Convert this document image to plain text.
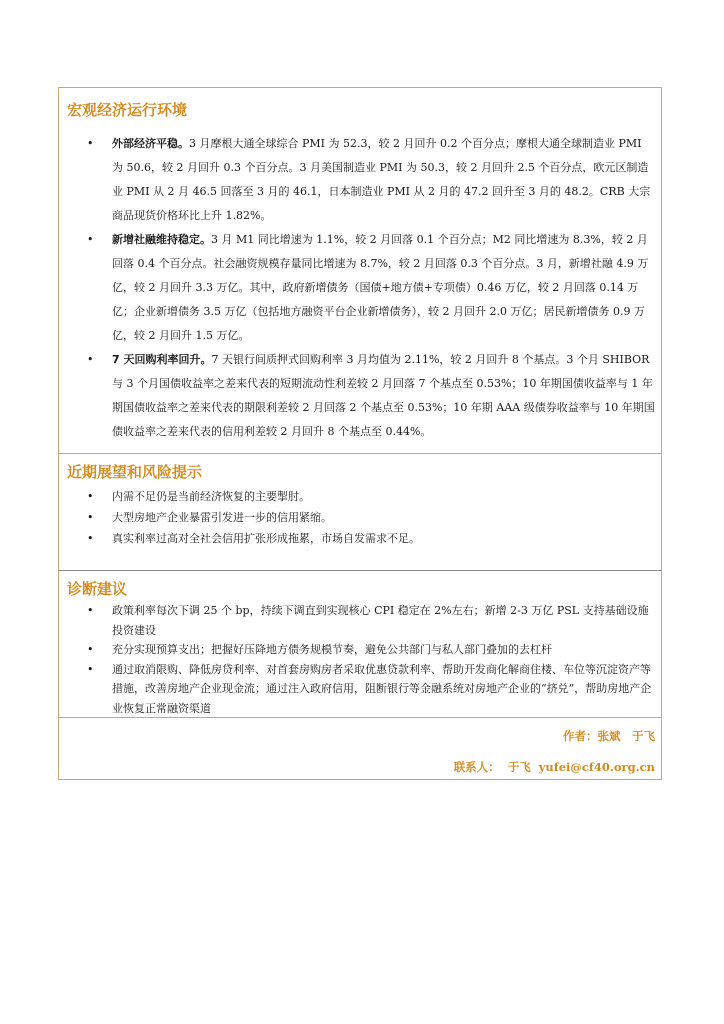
宏观经济运行环境
• 外部经济平稳。3 月摩根大通全球综合 PMI 为 52.3，较 2 月回升 0.2 个百分点；摩根大通全球制造业 PMI 为 50.6，较 2 月回升 0.3 个百分点。3 月美国制造业 PMI 为 50.3，较 2 月回升 2.5 个百分点，欧元区制造业 PMI 从 2 月 46.5 回落至 3 月的 46.1，日本制造业 PMI 从 2 月的 47.2 回升至 3 月的 48.2。CRB 大宗商品现货价格环比上升 1.82%。
• 新增社融维持稳定。3 月 M1 同比增速为 1.1%，较 2 月回落 0.1 个百分点；M2 同比增速为 8.3%，较 2 月回落 0.4 个百分点。社会融资规模存量同比增速为 8.7%，较 2 月回落 0.3 个百分点。3 月，新增社融 4.9 万亿，较 2 月回升 3.3 万亿。其中，政府新增债务（国债+地方债+专项债）0.46 万亿，较 2 月回落 0.14 万亿；企业新增债务 3.5 万亿（包括地方融资平台企业新增债务），较 2 月回升 2.0 万亿；居民新增债务 0.9 万亿，较 2 月回升 1.5 万亿。
• 7 天回购利率回升。7 天银行间质押式回购利率 3 月均值为 2.11%，较 2 月回升 8 个基点。3 个月 SHIBOR 与 3 个月国债收益率之差来代表的短期流动性利差较 2 月回落 7 个基点至 0.53%；10 年期国债收益率与 1 年期国债收益率之差来代表的期限利差较 2 月回落 2 个基点至 0.53%；10 年期 AAA 级债券收益率与 10 年期国债收益率之差来代表的信用利差较 2 月回升 8 个基点至 0.44%。
近期展望和风险提示
• 内需不足仍是当前经济恢复的主要掣肘。
• 大型房地产企业暴雷引发进一步的信用紧缩。
• 真实利率过高对全社会信用扩张形成拖累，市场自发需求不足。
诊断建议
• 政策利率每次下调 25 个 bp，持续下调直到实现核心 CPI 稳定在 2%左右；新增 2-3 万亿 PSL 支持基础设施投资建设
• 充分实现预算支出；把握好压降地方债务规模节奏，避免公共部门与私人部门叠加的去杠杆
• 通过取消限购、降低房贷利率、对首套房购房者采取优惠贷款利率、帮助开发商化解商住楼、车位等沉淀资产等措施，改善房地产企业现金流；通过注入政府信用，阻断银行等金融系统对房地产企业的“挤兑”，帮助房地产企业恢复正常融资渠道
作者：张斌　于飞
联系人： 于飞 yufei@cf40.org.cn
